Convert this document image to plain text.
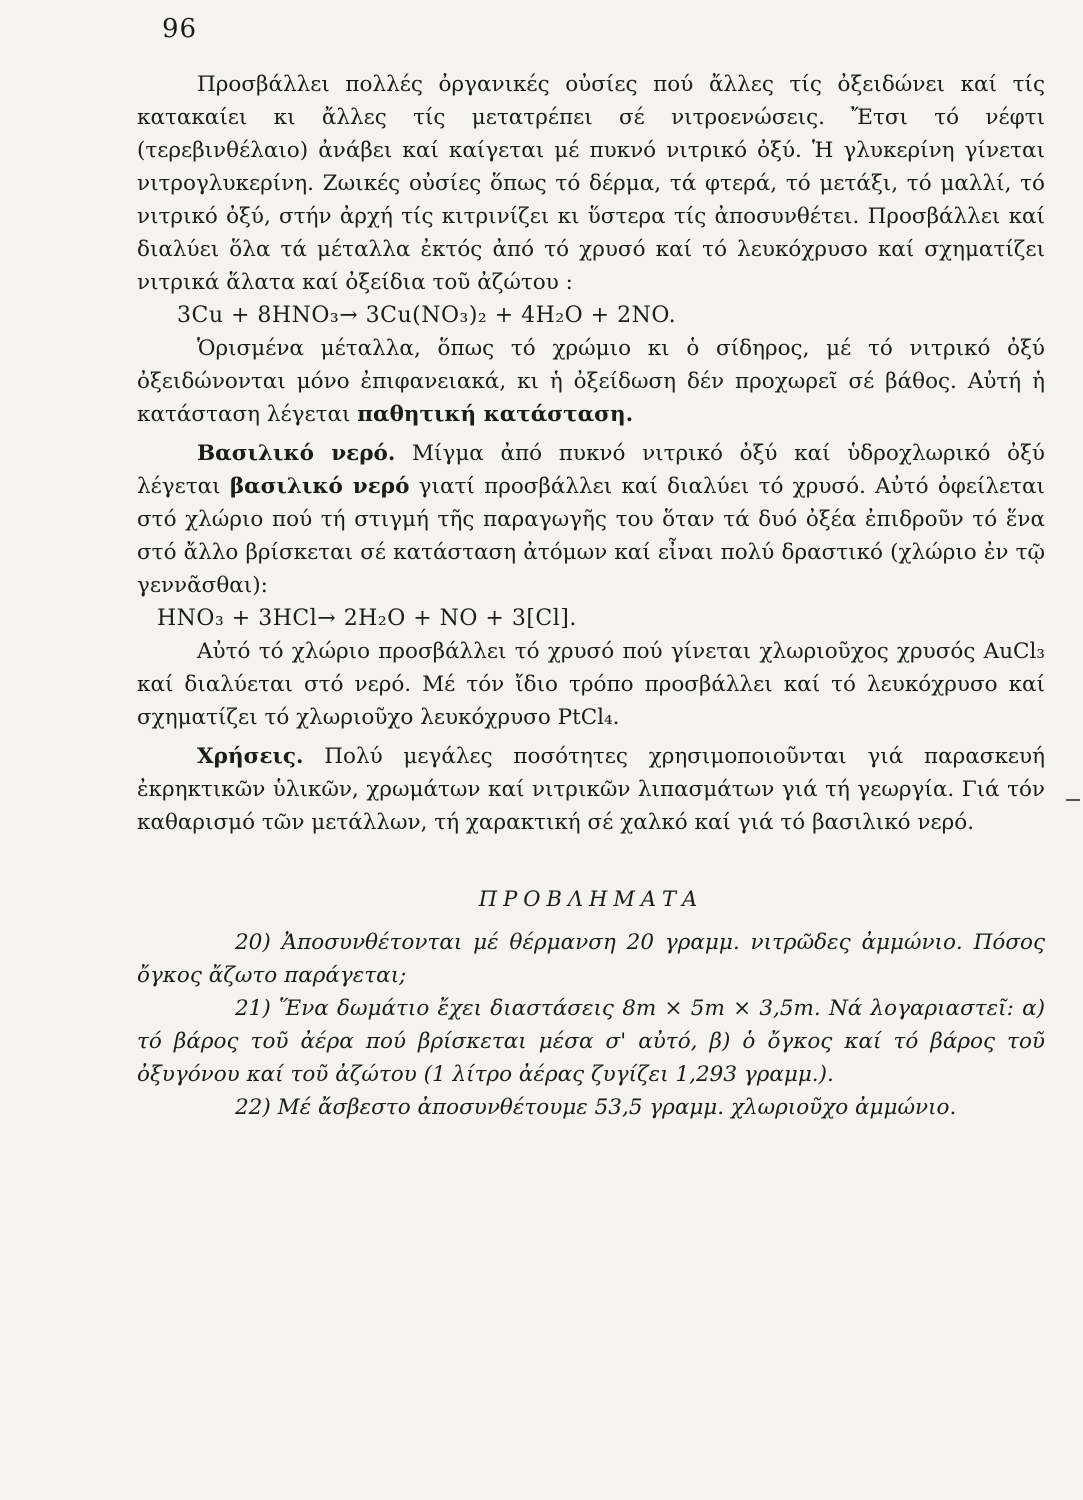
96

Προσβάλλει πολλές ὀργανικές οὐσίες πού ἄλλες τίς ὀξειδώνει καί τίς κατακαίει κι ἄλλες τίς μετατρέπει σέ νιτροενώσεις. Ἔτσι τό νέφτι (τερεβινθέλαιο) ἀνάβει καί καίγεται μέ πυκνό νιτρικό ὀξύ. Ἡ γλυκερίνη γίνεται νιτρογλυκερίνη. Ζωικές οὐσίες ὅπως τό δέρμα, τά φτερά, τό μετάξι, τό μαλλί, τό νιτρικό ὀξύ, στήν ἀρχή τίς κιτρινίζει κι ὕστερα τίς ἀποσυνθέτει. Προσβάλλει καί διαλύει ὅλα τά μέταλλα ἐκτός ἀπό τό χρυσό καί τό λευκόχρυσο καί σχηματίζει νιτρικά ἅλατα καί ὀξείδια τοῦ ἀζώτου :

3Cu + 8HNO₃→ 3Cu(NO₃)₂ + 4H₂O + 2NO.

Ὁρισμένα μέταλλα, ὅπως τό χρώμιο κι ὁ σίδηρος, μέ τό νιτρικό ὀξύ ὀξειδώνονται μόνο ἐπιφανειακά, κι ἡ ὀξείδωση δέν προχωρεῖ σέ βάθος. Αὐτή ἡ κατάσταση λέγεται παθητική κατάσταση.

Βασιλικό νερό. Μίγμα ἀπό πυκνό νιτρικό ὀξύ καί ὑδροχλωρικό ὀξύ λέγεται βασιλικό νερό γιατί προσβάλλει καί διαλύει τό χρυσό. Αὐτό ὀφείλεται στό χλώριο πού τή στιγμή τῆς παραγωγῆς του ὅταν τά δυό ὀξέα ἐπιδροῦν τό ἕνα στό ἄλλο βρίσκεται σέ κατάσταση ἀτόμων καί εἶναι πολύ δραστικό (χλώριο ἐν τῷ γεννᾶσθαι):

HNO₃ + 3HCl→ 2H₂O + NO + 3[Cl].

Αὐτό τό χλώριο προσβάλλει τό χρυσό πού γίνεται χλωριοῦχος χρυσός AuCl₃ καί διαλύεται στό νερό. Μέ τόν ἴδιο τρόπο προσβάλλει καί τό λευκόχρυσο καί σχηματίζει τό χλωριοῦχο λευκόχρυσο PtCl₄.

Χρήσεις. Πολύ μεγάλες ποσότητες χρησιμοποιοῦνται γιά παρασκευή ἐκρηκτικῶν ὑλικῶν, χρωμάτων καί νιτρικῶν λιπασμάτων γιά τή γεωργία. Γιά τόν καθαρισμό τῶν μετάλλων, τή χαρακτική σέ χαλκό καί γιά τό βασιλικό νερό.

ΠΡΟΒΛΗΜΑΤΑ

20) Ἀποσυνθέτονται μέ θέρμανση 20 γραμμ. νιτρῶδες ἀμμώνιο. Πόσος ὄγκος ἄζωτο παράγεται;

21) Ἕνα δωμάτιο ἔχει διαστάσεις 8m × 5m × 3,5m. Νά λογαριαστεῖ: α) τό βάρος τοῦ ἀέρα πού βρίσκεται μέσα σ' αὐτό, β) ὁ ὄγκος καί τό βάρος τοῦ ὀξυγόνου καί τοῦ ἀζώτου (1 λίτρο ἀέρας ζυγίζει 1,293 γραμμ.).

22) Μέ ἄσβεστο ἀποσυνθέτουμε 53,5 γραμμ. χλωριοῦχο ἀμμώνιο.
